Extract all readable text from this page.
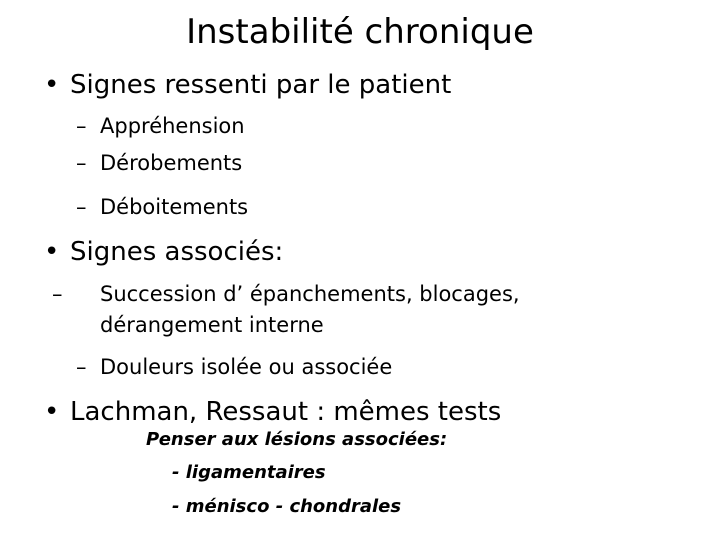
Instabilité chronique
• Signes ressenti par le patient
– Appréhension
– Dérobements
– Déboitements
• Signes associés:
– Succession d’ épanchements, blocages, dérangement interne
– Douleurs isolée ou associée
• Lachman, Ressaut : mêmes tests
Penser aux lésions associées:
- ligamentaires
- ménisco - chondrales
